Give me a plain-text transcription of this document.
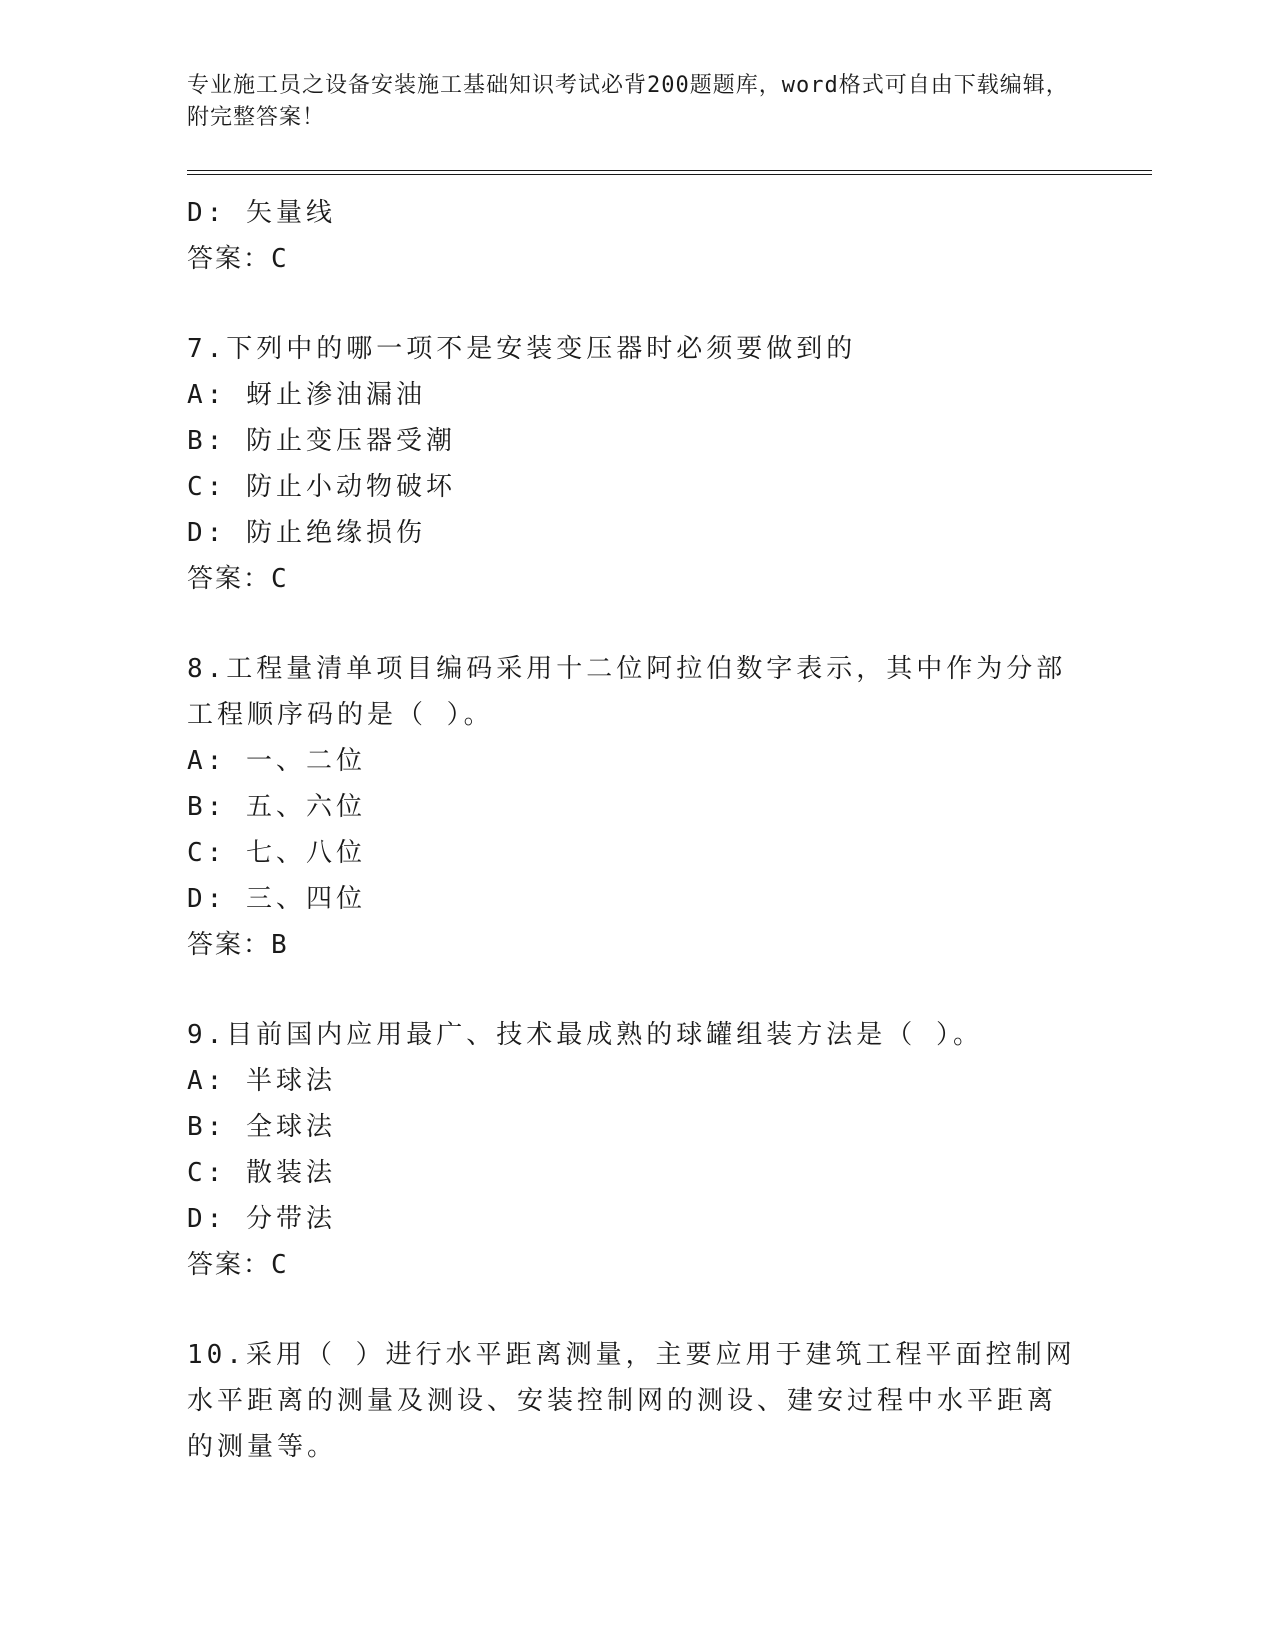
专业施工员之设备安装施工基础知识考试必背200题题库，word格式可自由下载编辑，附完整答案！
D: 矢量线
答案：C
7.下列中的哪一项不是安装变压器时必须要做到的
A: 蚜止渗油漏油
B: 防止变压器受潮
C: 防止小动物破坏
D: 防止绝缘损伤
答案：C
8.工程量清单项目编码采用十二位阿拉伯数字表示，其中作为分部工程顺序码的是（ ）。
A: 一、二位
B: 五、六位
C: 七、八位
D: 三、四位
答案：B
9.目前国内应用最广、技术最成熟的球罐组装方法是（ ）。
A: 半球法
B: 全球法
C: 散装法
D: 分带法
答案：C
10.采用（ ）进行水平距离测量，主要应用于建筑工程平面控制网水平距离的测量及测设、安装控制网的测设、建安过程中水平距离的测量等。
